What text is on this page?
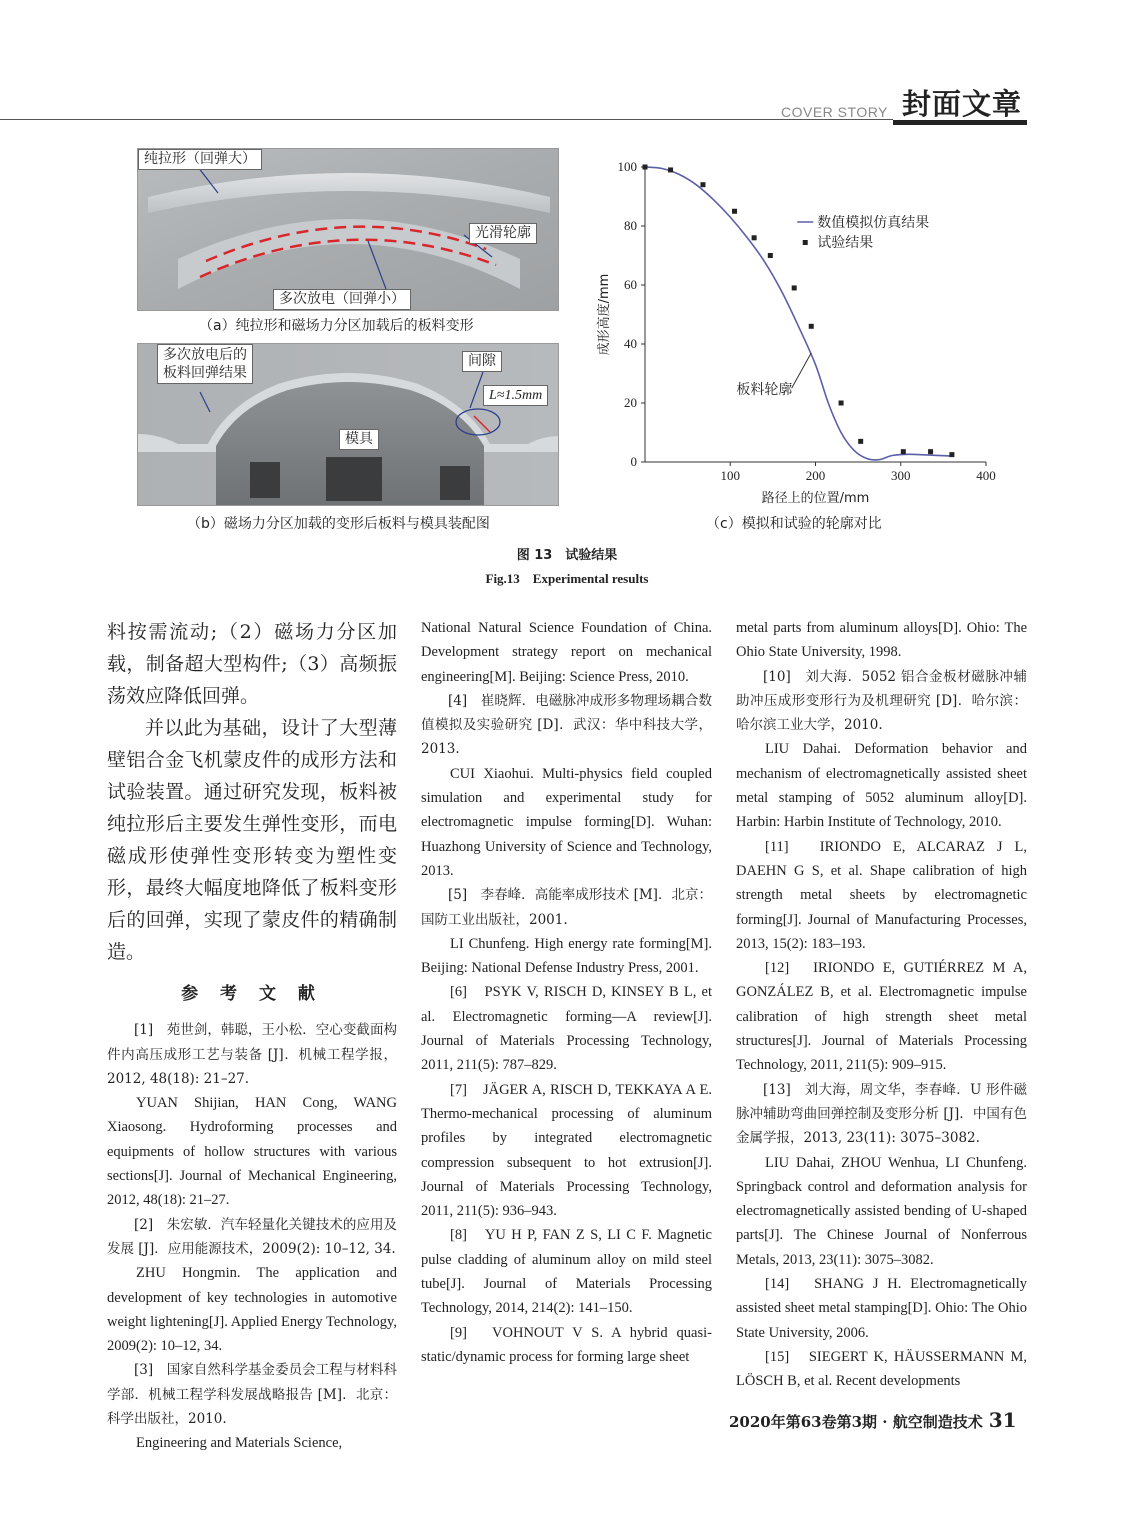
COVER STORY 封面文章
纯拉形（回弹大）
光滑轮廓
多次放电（回弹小）
（a）纯拉形和磁场力分区加载后的板料变形
多次放电后的
板料回弹结果
间隙
L≈1.5mm
模具
（b）磁场力分区加载的变形后板料与模具装配图
100	200	300	400
0
20
40
60
80
100
路径上的位置/mm
成形高度/mm
数值模拟仿真结果
试验结果
板料轮廓
（c）模拟和试验的轮廓对比
图 13　试验结果
Fig.13　Experimental results

料按需流动;（2）磁场力分区加载，制备超大型构件;（3）高频振荡效应降低回弹。

并以此为基础，设计了大型薄壁铝合金飞机蒙皮件的成形方法和试验装置。通过研究发现，板料被纯拉形后主要发生弹性变形，而电磁成形使弹性变形转变为塑性变形，最终大幅度地降低了板料变形后的回弹，实现了蒙皮件的精确制造。

参 考 文 献

[1]　苑世剑，韩聪，王小松．空心变截面构件内高压成形工艺与装备 [J]．机械工程学报，2012, 48(18): 21–27.

YUAN Shijian, HAN Cong, WANG Xiaosong. Hydroforming processes and equipments of hollow structures with various sections[J]. Journal of Mechanical Engineering, 2012, 48(18): 21–27.

[2]　朱宏敏．汽车轻量化关键技术的应用及发展 [J]．应用能源技术，2009(2): 10–12, 34.

ZHU Hongmin. The application and development of key technologies in automotive weight lightening[J]. Applied Energy Technology, 2009(2): 10–12, 34.

[3]　国家自然科学基金委员会工程与材料科学部．机械工程学科发展战略报告 [M]．北京：科学出版社，2010.

Engineering and Materials Science,

National Natural Science Foundation of China. Development strategy report on mechanical engineering[M]. Beijing: Science Press, 2010.

[4]　崔晓辉．电磁脉冲成形多物理场耦合数值模拟及实验研究 [D]．武汉：华中科技大学，2013.

CUI Xiaohui. Multi-physics field coupled simulation and experimental study for electromagnetic impulse forming[D]. Wuhan: Huazhong University of Science and Technology, 2013.

[5]　李春峰．高能率成形技术 [M]．北京：国防工业出版社，2001.

LI Chunfeng. High energy rate forming[M]. Beijing: National Defense Industry Press, 2001.

[6]　PSYK V, RISCH D, KINSEY B L, et al. Electromagnetic forming—A review[J]. Journal of Materials Processing Technology, 2011, 211(5): 787–829.

[7]　JÄGER A, RISCH D, TEKKAYA A E. Thermo-mechanical processing of aluminum profiles by integrated electromagnetic compression subsequent to hot extrusion[J]. Journal of Materials Processing Technology, 2011, 211(5): 936–943.

[8]　YU H P, FAN Z S, LI C F. Magnetic pulse cladding of aluminum alloy on mild steel tube[J]. Journal of Materials Processing Technology, 2014, 214(2): 141–150.

[9]　VOHNOUT V S. A hybrid quasi-static/dynamic process for forming large sheet

metal parts from aluminum alloys[D]. Ohio: The Ohio State University, 1998.

[10]　刘大海．5052 铝合金板材磁脉冲辅助冲压成形变形行为及机理研究 [D]．哈尔滨：哈尔滨工业大学，2010.

LIU Dahai. Deformation behavior and mechanism of electromagnetically assisted sheet metal stamping of 5052 aluminum alloy[D]. Harbin: Harbin Institute of Technology, 2010.

[11]　IRIONDO E, ALCARAZ J L, DAEHN G S, et al. Shape calibration of high strength metal sheets by electromagnetic forming[J]. Journal of Manufacturing Processes, 2013, 15(2): 183–193.

[12]　IRIONDO E, GUTIÉRREZ M A, GONZÁLEZ B, et al. Electromagnetic impulse calibration of high strength sheet metal structures[J]. Journal of Materials Processing Technology, 2011, 211(5): 909–915.

[13]　刘大海，周文华，李春峰．U 形件磁脉冲辅助弯曲回弹控制及变形分析 [J]．中国有色金属学报，2013, 23(11): 3075–3082.

LIU Dahai, ZHOU Wenhua, LI Chunfeng. Springback control and deformation analysis for electromagnetically assisted bending of U-shaped parts[J]. The Chinese Journal of Nonferrous Metals, 2013, 23(11): 3075–3082.

[14]　SHANG J H. Electromagnetically assisted sheet metal stamping[D]. Ohio: The Ohio State University, 2006.

[15]　SIEGERT K, HÄUSSERMANN M, LÖSCH B, et al. Recent developments

2020年第63卷第3期 · 航空制造技术 31
